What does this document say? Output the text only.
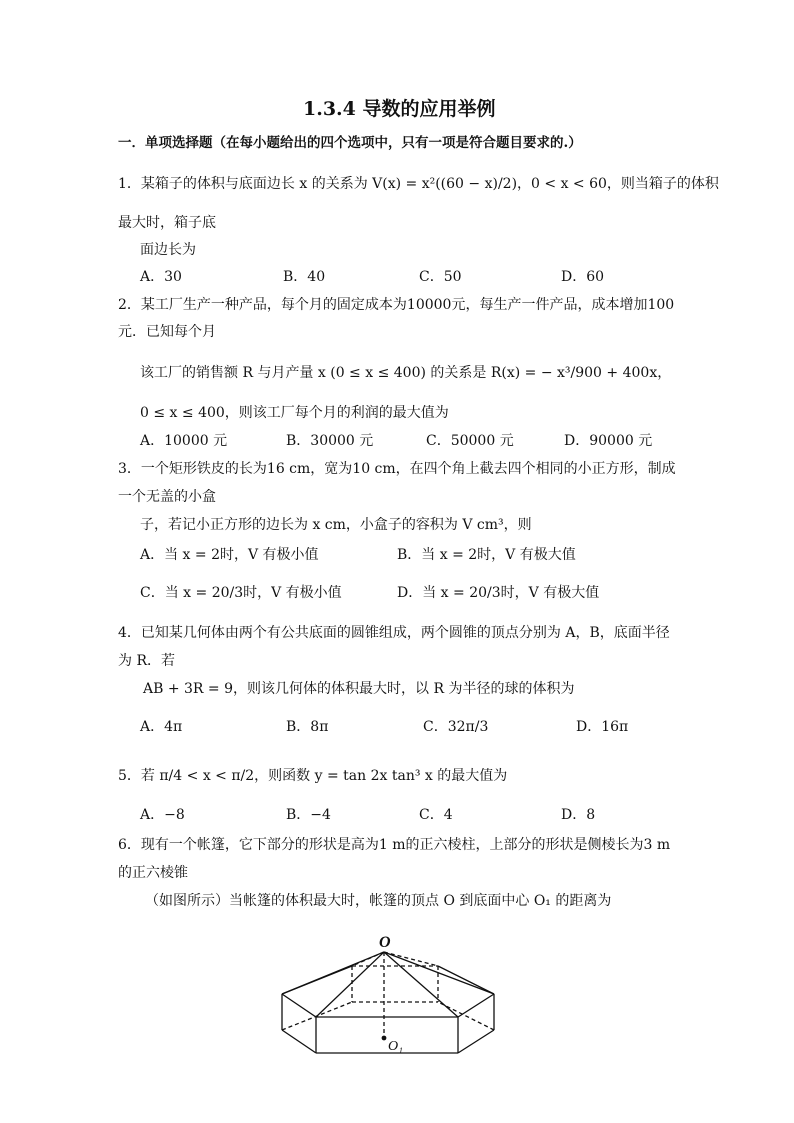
1.3.4 导数的应用举例
一．单项选择题（在每小题给出的四个选项中，只有一项是符合题目要求的.）
1．某箱子的体积与底面边长 x 的关系为 V(x) = x²((60 − x)/2)，0 < x < 60，则当箱子的体积
最大时，箱子底
面边长为
A．30	B．40	C．50	D．60
2．某工厂生产一种产品，每个月的固定成本为10000元，每生产一件产品，成本增加100
元．已知每个月
该工厂的销售额 R 与月产量 x (0 ≤ x ≤ 400) 的关系是 R(x) = − x³/900 + 400x，
0 ≤ x ≤ 400，则该工厂每个月的利润的最大值为
A．10000 元	B．30000 元	C．50000 元	D．90000 元
3．一个矩形铁皮的长为16 cm，宽为10 cm，在四个角上截去四个相同的小正方形，制成
一个无盖的小盒
子，若记小正方形的边长为 x cm，小盒子的容积为 V cm³，则
A．当 x = 2时，V 有极小值	B．当 x = 2时，V 有极大值
C．当 x = 20/3时，V 有极小值	D．当 x = 20/3时，V 有极大值
4．已知某几何体由两个有公共底面的圆锥组成，两个圆锥的顶点分别为 A，B，底面半径
为 R．若
AB + 3R = 9，则该几何体的体积最大时，以 R 为半径的球的体积为
A．4π	B．8π	C．32π/3	D．16π
5．若 π/4 < x < π/2，则函数 y = tan 2x tan³ x 的最大值为
A．−8	B．−4	C．4	D．8
6．现有一个帐篷，它下部分的形状是高为1 m的正六棱柱，上部分的形状是侧棱长为3 m
的正六棱锥
（如图所示）当帐篷的体积最大时，帐篷的顶点 O 到底面中心 O₁ 的距离为
O
O₁
